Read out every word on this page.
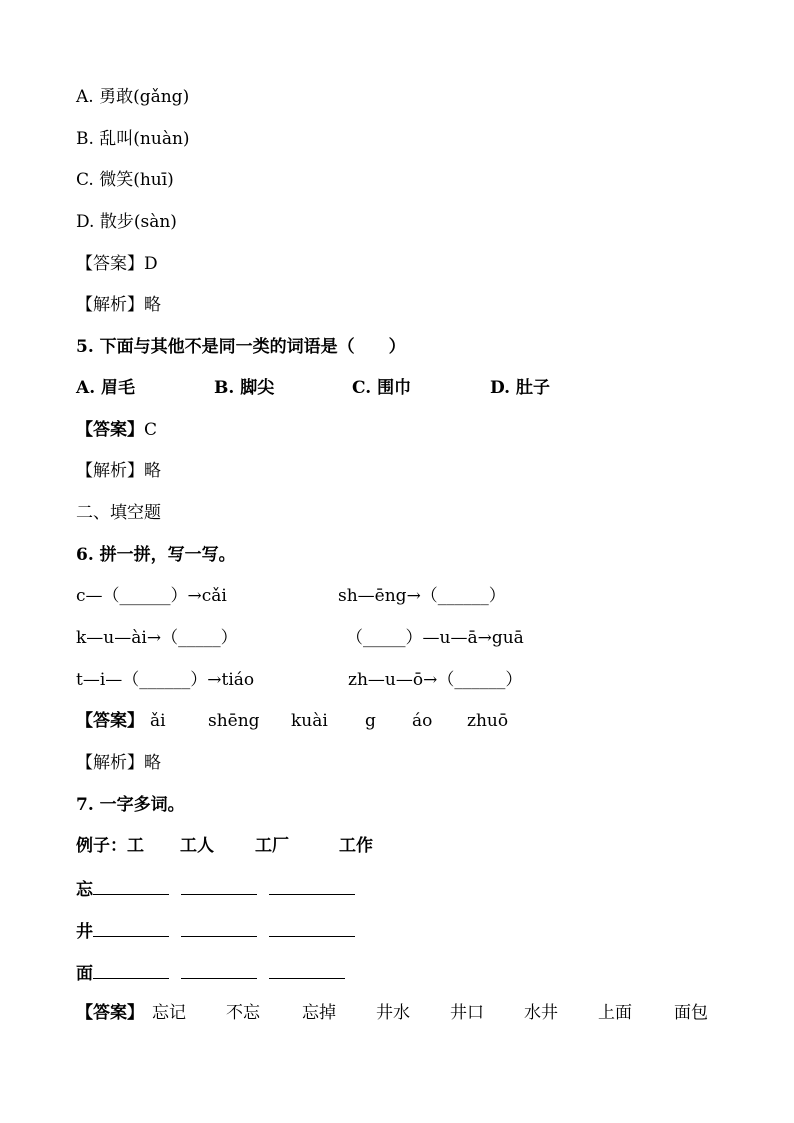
A. 勇敢(gǎng)
B. 乱叫(nuàn)
C. 微笑(huī)
D. 散步(sàn)
【答案】D
【解析】略
5. 下面与其他不是同一类的词语是（　　）
A. 眉毛	B. 脚尖	C. 围巾	D. 肚子
【答案】C
【解析】略
二、填空题
6. 拼一拼，写一写。
c—（______）→cǎi	sh—ēng→（______）
k—u—ài→（_____）	（_____）—u—ā→guā
t—i—（______）→tiáo	zh—u—ō→（______）
【答案】 ǎi shēng kuài g áo zhuō
【解析】略
7. 一字多词。
例子：工 工人 工厂	工作
忘
井
面
【答案】 忘记 不忘 忘掉 井水 井口 水井 上面 面包
